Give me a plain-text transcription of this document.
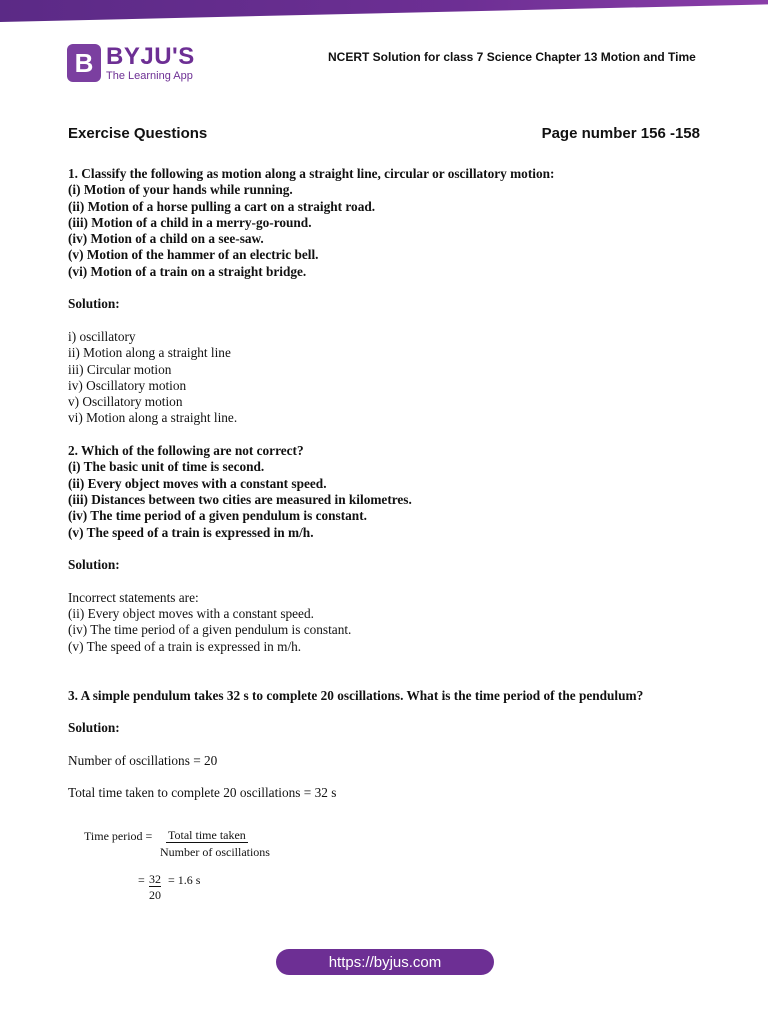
B BYJU'S
The Learning App
NCERT Solution for class 7 Science Chapter 13 Motion and Time
Exercise Questions	Page number 156 -158
1. Classify the following as motion along a straight line, circular or oscillatory motion:
(i) Motion of your hands while running.
(ii) Motion of a horse pulling a cart on a straight road.
(iii) Motion of a child in a merry-go-round.
(iv) Motion of a child on a see-saw.
(v) Motion of the hammer of an electric bell.
(vi) Motion of a train on a straight bridge.
Solution:
i) oscillatory
ii) Motion along a straight line
iii) Circular motion
iv) Oscillatory motion
v) Oscillatory motion
vi) Motion along a straight line.
2. Which of the following are not correct?
(i) The basic unit of time is second.
(ii) Every object moves with a constant speed.
(iii) Distances between two cities are measured in kilometres.
(iv) The time period of a given pendulum is constant.
(v) The speed of a train is expressed in m/h.
Solution:
Incorrect statements are:
(ii) Every object moves with a constant speed.
(iv) The time period of a given pendulum is constant.
(v) The speed of a train is expressed in m/h.
3. A simple pendulum takes 32 s to complete 20 oscillations. What is the time period of the pendulum?
Solution:
Number of oscillations = 20
Total time taken to complete 20 oscillations = 32 s
Time period = Total time taken
Number of oscillations
= 32
20
= 1.6 s
https://byjus.com
